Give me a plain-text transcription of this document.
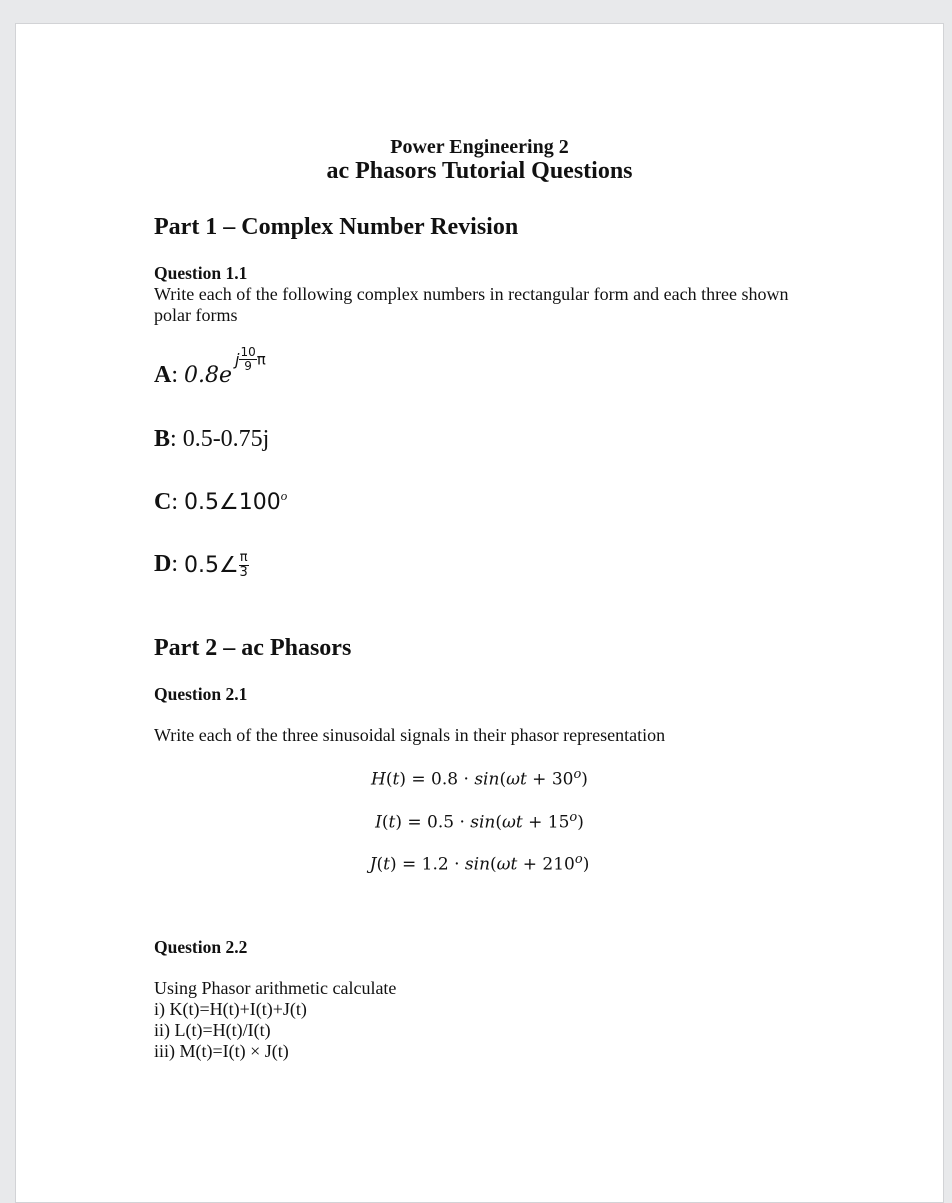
Power Engineering 2
ac Phasors Tutorial Questions
Part 1 – Complex Number Revision
Question 1.1
Write each of the following complex numbers in rectangular form and each three shown
polar forms
A: 0.8e
j $\frac{10}{9}$ π
B: 0.5-0.75j
C: 0.5∠100$^o$
D: 0.5∠ $\frac{\pi}{3}$
Part 2 – ac Phasors
Question 2.1
Write each of the three sinusoidal signals in their phasor representation
$H(t) = 0.8 \cdot \sin(\omega t + 30^o)$
$I(t) = 0.5 \cdot \sin(\omega t + 15^o)$
$J(t) = 1.2 \cdot \sin(\omega t + 210^o)$
Question 2.2
Using Phasor arithmetic calculate
i) K(t)=H(t)+I(t)+J(t)
ii) L(t)=H(t)/I(t)
iii) M(t)=I(t) × J(t)
